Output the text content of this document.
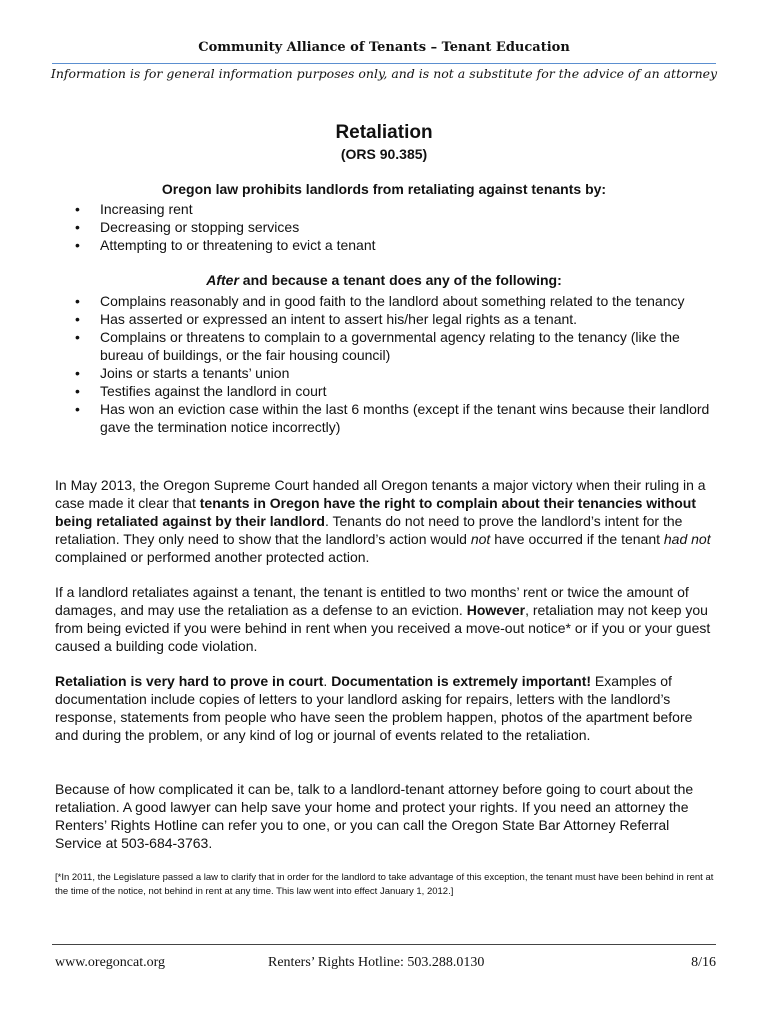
Community Alliance of Tenants – Tenant Education
Information is for general information purposes only, and is not a substitute for the advice of an attorney
Retaliation
(ORS 90.385)
Oregon law prohibits landlords from retaliating against tenants by:
• Increasing rent
• Decreasing or stopping services
• Attempting to or threatening to evict a tenant
After and because a tenant does any of the following:
• Complains reasonably and in good faith to the landlord about something related to the tenancy
• Has asserted or expressed an intent to assert his/her legal rights as a tenant.
• Complains or threatens to complain to a governmental agency relating to the tenancy (like the bureau of buildings, or the fair housing council)
• Joins or starts a tenants’ union
• Testifies against the landlord in court
• Has won an eviction case within the last 6 months (except if the tenant wins because their landlord gave the termination notice incorrectly)

In May 2013, the Oregon Supreme Court handed all Oregon tenants a major victory when their ruling in a case made it clear that tenants in Oregon have the right to complain about their tenancies without being retaliated against by their landlord. Tenants do not need to prove the landlord’s intent for the retaliation. They only need to show that the landlord’s action would not have occurred if the tenant had not complained or performed another protected action.

If a landlord retaliates against a tenant, the tenant is entitled to two months’ rent or twice the amount of damages, and may use the retaliation as a defense to an eviction. However, retaliation may not keep you from being evicted if you were behind in rent when you received a move-out notice* or if you or your guest caused a building code violation.

Retaliation is very hard to prove in court. Documentation is extremely important! Examples of documentation include copies of letters to your landlord asking for repairs, letters with the landlord’s response, statements from people who have seen the problem happen, photos of the apartment before and during the problem, or any kind of log or journal of events related to the retaliation.

Because of how complicated it can be, talk to a landlord-tenant attorney before going to court about the retaliation. A good lawyer can help save your home and protect your rights. If you need an attorney the Renters’ Rights Hotline can refer you to one, or you can call the Oregon State Bar Attorney Referral Service at 503-684-3763.

[*In 2011, the Legislature passed a law to clarify that in order for the landlord to take advantage of this exception, the tenant must have been behind in rent at the time of the notice, not behind in rent at any time. This law went into effect January 1, 2012.]

www.oregoncat.org	Renters’ Rights Hotline: 503.288.0130	8/16
